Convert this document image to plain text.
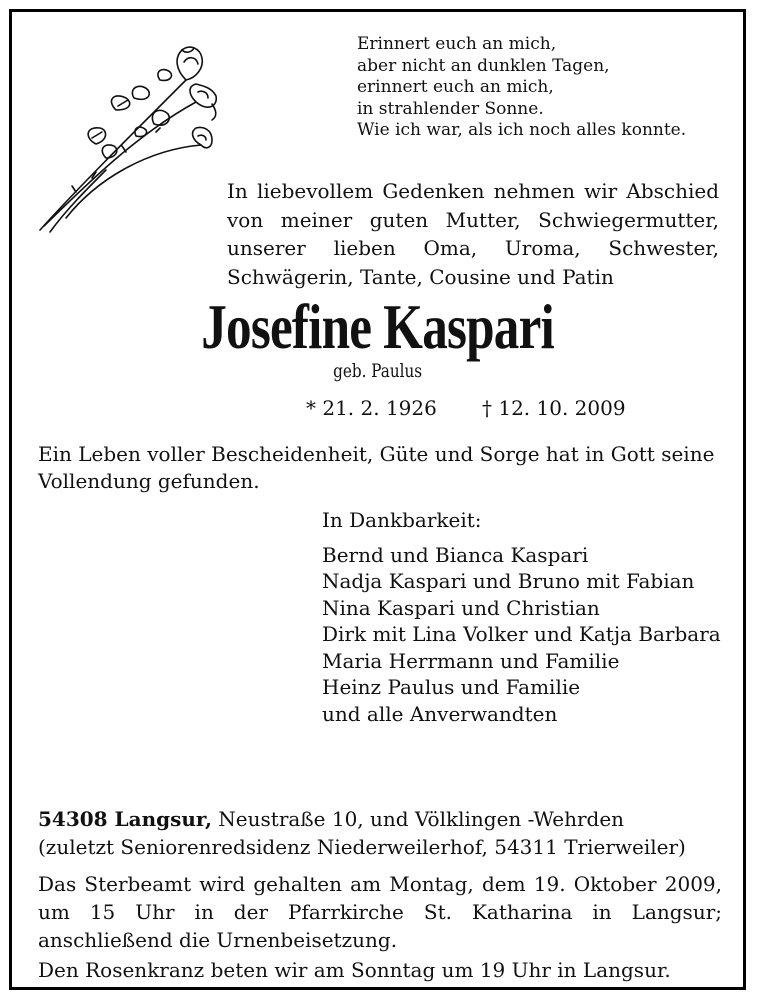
Erinnert euch an mich, aber nicht an dunklen Tagen, erinnert euch an mich, in strahlender Sonne. Wie ich war, als ich noch alles konnte.
In liebevollem Gedenken nehmen wir Abschied
von meiner guten Mutter, Schwiegermutter,
unserer lieben Oma, Uroma, Schwester,
Schwägerin, Tante, Cousine und Patin
Josefine Kaspari
geb. Paulus
* 21. 2. 1926 † 12. 10. 2009
Ein Leben voller Bescheidenheit, Güte und Sorge hat in Gott seine Vollendung gefunden.
In Dankbarkeit: Bernd und Bianca Kaspari Nadja Kaspari und Bruno mit Fabian Nina Kaspari und Christian Dirk mit Lina Volker und Katja Barbara Maria Herrmann und Familie Heinz Paulus und Familie und alle Anverwandten
54308 Langsur, Neustraße 10, und Völklingen -Wehrden (zuletzt Seniorenredsidenz Niederweilerhof, 54311 Trierweiler)
Das Sterbeamt wird gehalten am Montag, dem 19. Oktober 2009,
um 15 Uhr in der Pfarrkirche St. Katharina in Langsur;
anschließend die Urnenbeisetzung.
Den Rosenkranz beten wir am Sonntag um 19 Uhr in Langsur.
